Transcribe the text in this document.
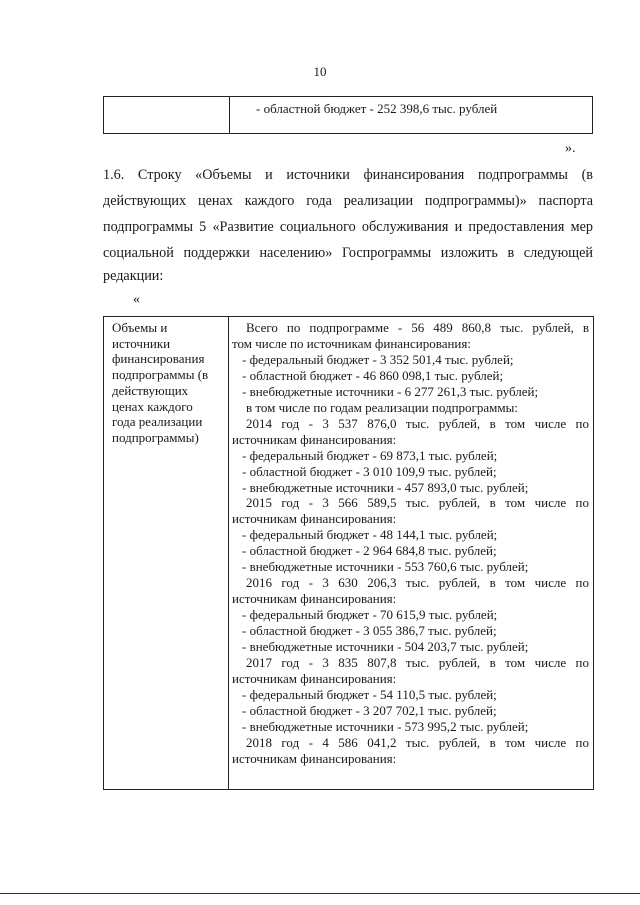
10
- областной бюджет - 252 398,6 тыс. рублей
».
1.6. Строку «Объемы и источники финансирования подпрограммы (в
действующих ценах каждого года реализации подпрограммы)» паспорта
подпрограммы 5 «Развитие социального обслуживания и предоставления мер
социальной поддержки населению» Госпрограммы изложить в следующей
редакции:
«
Объемы и
источники
финансирования
подпрограммы (в
действующих
ценах каждого
года реализации
подпрограммы)
Всего по подпрограмме - 56 489 860,8 тыс. рублей, в
том числе по источникам финансирования:
- федеральный бюджет - 3 352 501,4 тыс. рублей;
- областной бюджет - 46 860 098,1 тыс. рублей;
- внебюджетные источники - 6 277 261,3 тыс. рублей;
в том числе по годам реализации подпрограммы:
2014 год - 3 537 876,0 тыс. рублей, в том числе по
источникам финансирования:
- федеральный бюджет - 69 873,1 тыс. рублей;
- областной бюджет - 3 010 109,9 тыс. рублей;
- внебюджетные источники - 457 893,0 тыс. рублей;
2015 год - 3 566 589,5 тыс. рублей, в том числе по
источникам финансирования:
- федеральный бюджет - 48 144,1 тыс. рублей;
- областной бюджет - 2 964 684,8 тыс. рублей;
- внебюджетные источники - 553 760,6 тыс. рублей;
2016 год - 3 630 206,3 тыс. рублей, в том числе по
источникам финансирования:
- федеральный бюджет - 70 615,9 тыс. рублей;
- областной бюджет - 3 055 386,7 тыс. рублей;
- внебюджетные источники - 504 203,7 тыс. рублей;
2017 год - 3 835 807,8 тыс. рублей, в том числе по
источникам финансирования:
- федеральный бюджет - 54 110,5 тыс. рублей;
- областной бюджет - 3 207 702,1 тыс. рублей;
- внебюджетные источники - 573 995,2 тыс. рублей;
2018 год - 4 586 041,2 тыс. рублей, в том числе по
источникам финансирования:
